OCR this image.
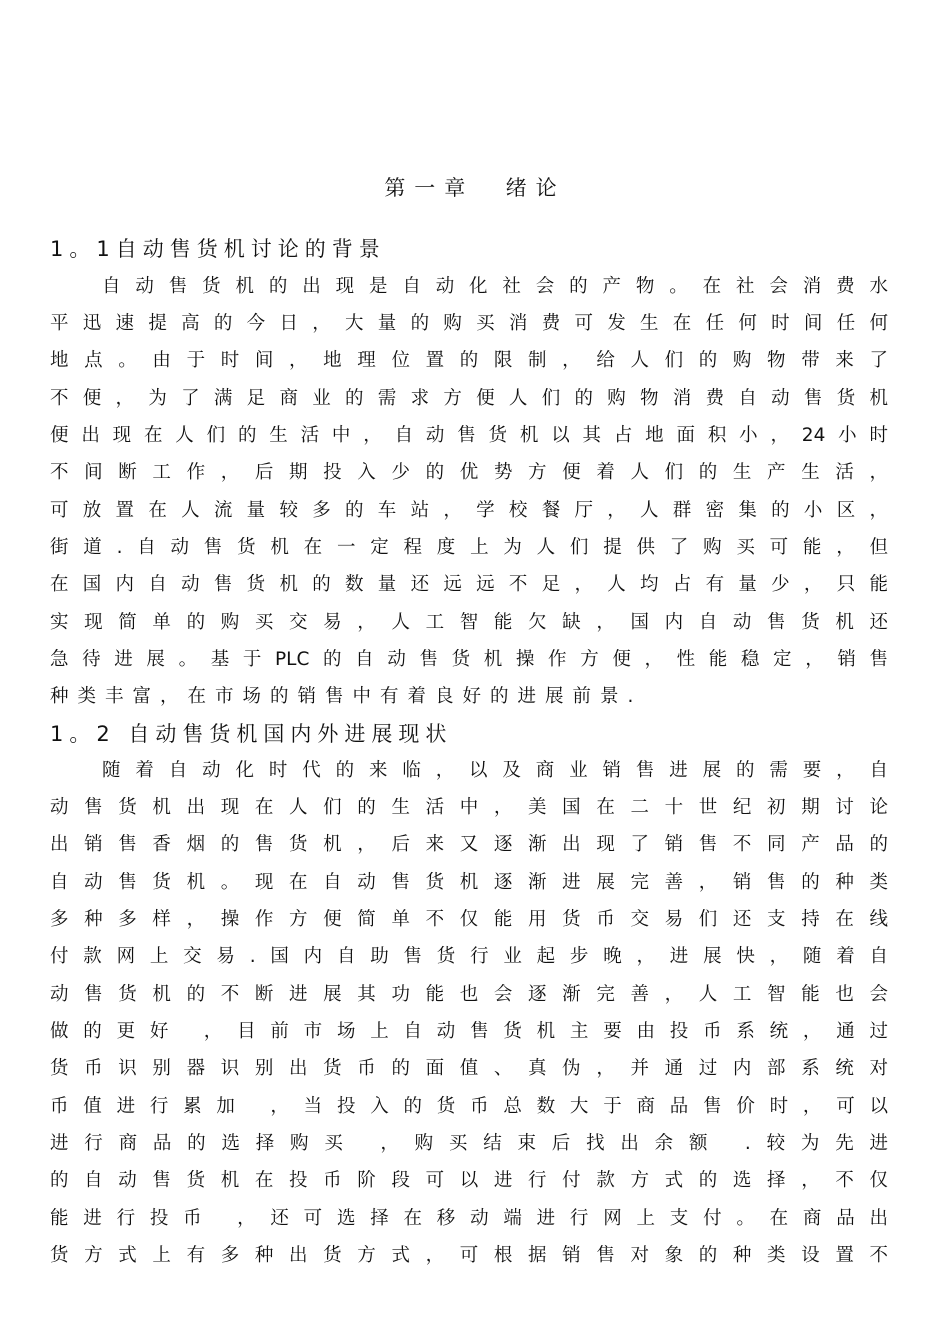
第一章  绪论
1。1自动售货机讨论的背景
自动售货机的出现是自动化社会的产物。在社会消费水
平迅速提高的今日，大量的购买消费可发生在任何时间任何
地点。由于时间，地理位置的限制，给人们的购物带来了
不便，为了满足商业的需求方便人们的购物消费自动售货机
便出现在人们的生活中，自动售货机以其占地面积小，24小时
不间断工作，后期投入少的优势方便着人们的生产生活，
可放置在人流量较多的车站，学校餐厅，人群密集的小区，
街道.自动售货机在一定程度上为人们提供了购买可能，但
在国内自动售货机的数量还远远不足，人均占有量少，只能
实现简单的购买交易，人工智能欠缺，国内自动售货机还
急待进展。基于PLC的自动售货机操作方便，性能稳定，销售
种类丰富，在市场的销售中有着良好的进展前景.
1。2 自动售货机国内外进展现状
随着自动化时代的来临，以及商业销售进展的需要，自
动售货机出现在人们的生活中，美国在二十世纪初期讨论
出销售香烟的售货机，后来又逐渐出现了销售不同产品的
自动售货机。现在自动售货机逐渐进展完善，销售的种类
多种多样，操作方便简单不仅能用货币交易们还支持在线
付款网上交易.国内自助售货行业起步晚，进展快，随着自
动售货机的不断进展其功能也会逐渐完善，人工智能也会
做的更好 ，目前市场上自动售货机主要由投币系统，通过
货币识别器识别出货币的面值、真伪，并通过内部系统对
币值进行累加 ，当投入的货币总数大于商品售价时，可以
进行商品的选择购买 ，购买结束后找出余额 .较为先进
的自动售货机在投币阶段可以进行付款方式的选择，不仅
能进行投币 ，还可选择在移动端进行网上支付。在商品出
货方式上有多种出货方式，可根据销售对象的种类设置不
